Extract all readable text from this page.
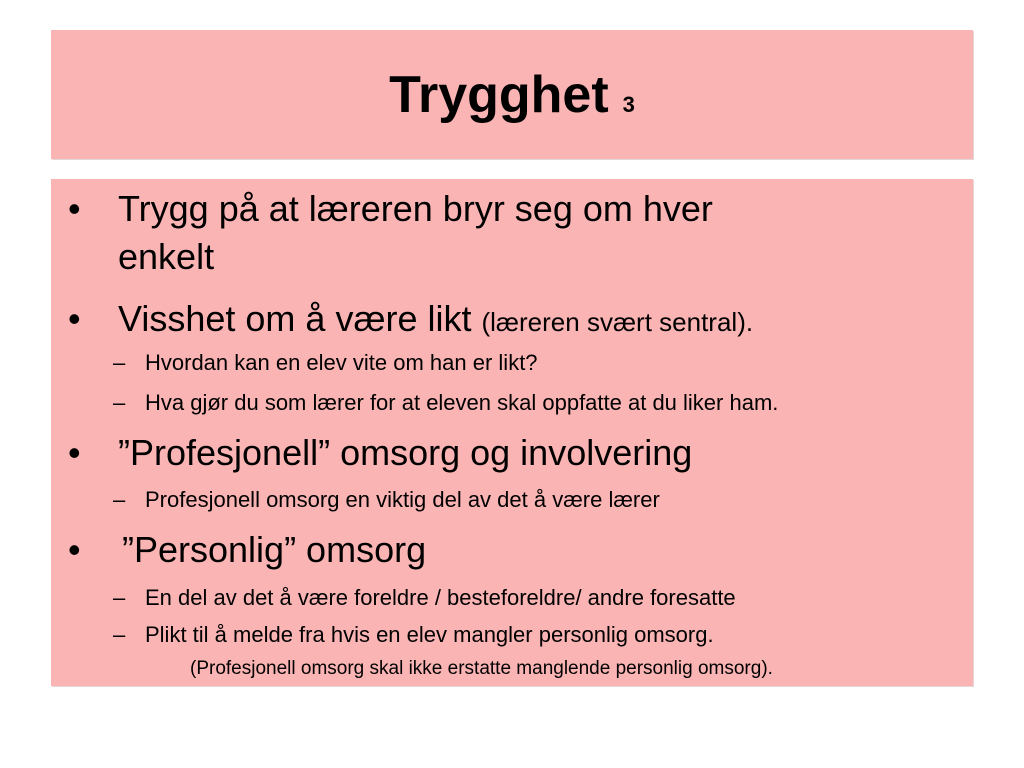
Trygghet 3
• Trygg på at læreren bryr seg om hver
enkelt
• Visshet om å være likt (læreren svært sentral).
– Hvordan kan en elev vite om han er likt?
– Hva gjør du som lærer for at eleven skal oppfatte at du liker ham.
• ”Profesjonell” omsorg og involvering
– Profesjonell omsorg en viktig del av det å være lærer
• ”Personlig” omsorg
– En del av det å være foreldre / besteforeldre/ andre foresatte
– Plikt til å melde fra hvis en elev mangler personlig omsorg.
(Profesjonell omsorg skal ikke erstatte manglende personlig omsorg).
